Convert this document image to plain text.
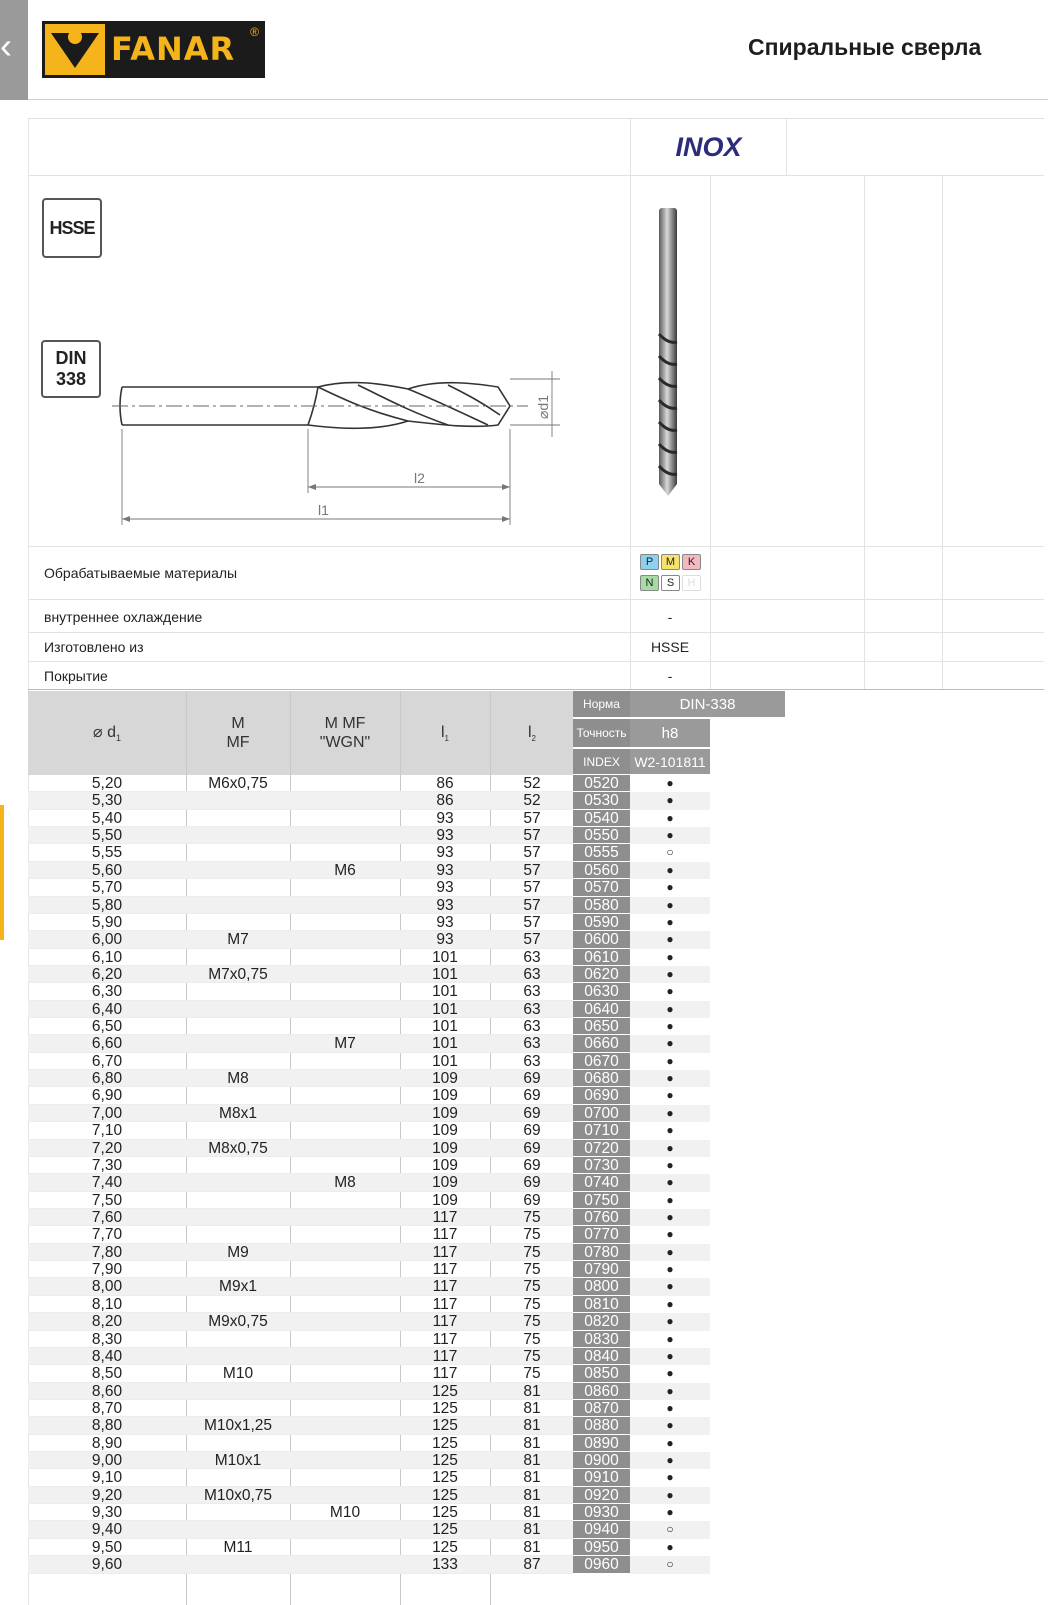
‹	FANAR ®
Спиральные сверла
INOX
HSSE
DIN
338
l2
l1
⌀d1
Обрабатываемые материалы
P	M	K
N	S	H
внутреннее охлаждение	-
Изготовлено из	HSSE
Покрытие	-
⌀ $d_1$
M
MF
M MF
"WGN"
$l_1$	$l_2$
Норма	DIN-338
Точность	h8
INDEX	W2-101811
5,20	M6x0,75	86	52	0520	●
5,30	86	52	0530	●
5,40	93	57	0540	●
5,50	93	57	0550	●
5,55	93	57	0555	○
5,60	M6	93	57	0560	●
5,70	93	57	0570	●
5,80	93	57	0580	●
5,90	93	57	0590	●
6,00	M7	93	57	0600	●
6,10	101	63	0610	●
6,20	M7x0,75	101	63	0620	●
6,30	101	63	0630	●
6,40	101	63	0640	●
6,50	101	63	0650	●
6,60	M7	101	63	0660	●
6,70	101	63	0670	●
6,80	M8	109	69	0680	●
6,90	109	69	0690	●
7,00	M8x1	109	69	0700	●
7,10	109	69	0710	●
7,20	M8x0,75	109	69	0720	●
7,30	109	69	0730	●
7,40	M8	109	69	0740	●
7,50	109	69	0750	●
7,60	117	75	0760	●
7,70	117	75	0770	●
7,80	M9	117	75	0780	●
7,90	117	75	0790	●
8,00	M9x1	117	75	0800	●
8,10	117	75	0810	●
8,20	M9x0,75	117	75	0820	●
8,30	117	75	0830	●
8,40	117	75	0840	●
8,50	M10	117	75	0850	●
8,60	125	81	0860	●
8,70	125	81	0870	●
8,80	M10x1,25	125	81	0880	●
8,90	125	81	0890	●
9,00	M10x1	125	81	0900	●
9,10	125	81	0910	●
9,20	M10x0,75	125	81	0920	●
9,30	M10	125	81	0930	●
9,40	125	81	0940	○
9,50	M11	125	81	0950	●
9,60	133	87	0960	○
